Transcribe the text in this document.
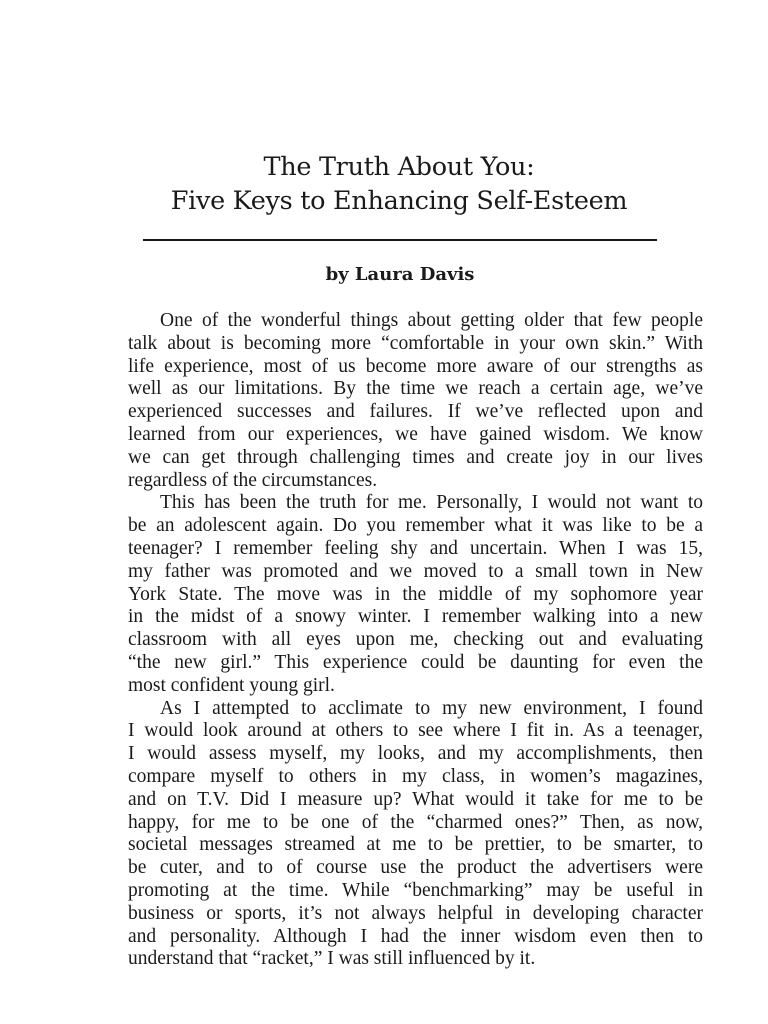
The Truth About You:
Five Keys to Enhancing Self-Esteem
by Laura Davis
One of the wonderful things about getting older that few people
talk about is becoming more “comfortable in your own skin.” With
life experience, most of us become more aware of our strengths as
well as our limitations. By the time we reach a certain age, we’ve
experienced successes and failures. If we’ve reflected upon and
learned from our experiences, we have gained wisdom. We know
we can get through challenging times and create joy in our lives
regardless of the circumstances.
This has been the truth for me. Personally, I would not want to
be an adolescent again. Do you remember what it was like to be a
teenager? I remember feeling shy and uncertain. When I was 15,
my father was promoted and we moved to a small town in New
York State. The move was in the middle of my sophomore year
in the midst of a snowy winter. I remember walking into a new
classroom with all eyes upon me, checking out and evaluating
“the new girl.” This experience could be daunting for even the
most confident young girl.
As I attempted to acclimate to my new environment, I found
I would look around at others to see where I fit in. As a teenager,
I would assess myself, my looks, and my accomplishments, then
compare myself to others in my class, in women’s magazines,
and on T.V. Did I measure up? What would it take for me to be
happy, for me to be one of the “charmed ones?” Then, as now,
societal messages streamed at me to be prettier, to be smarter, to
be cuter, and to of course use the product the advertisers were
promoting at the time. While “benchmarking” may be useful in
business or sports, it’s not always helpful in developing character
and personality. Although I had the inner wisdom even then to
understand that “racket,” I was still influenced by it.
